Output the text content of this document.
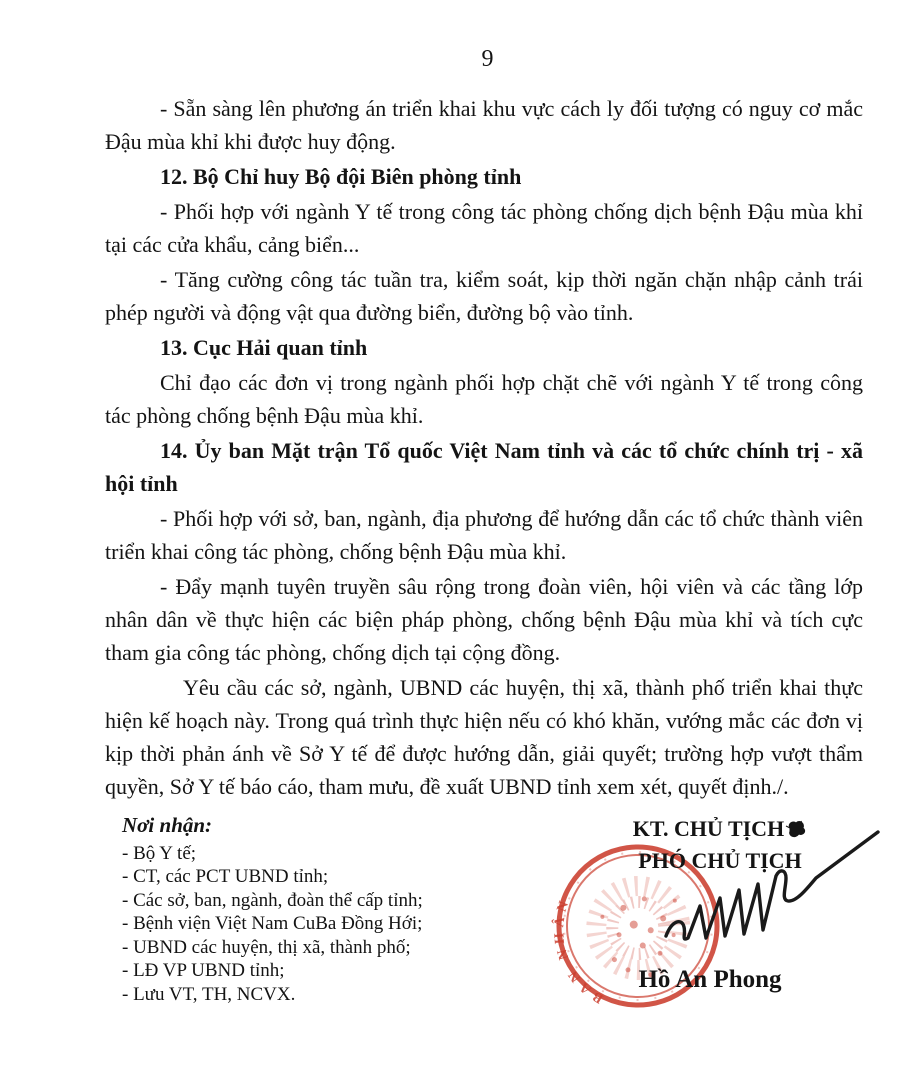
9

- Sẵn sàng lên phương án triển khai khu vực cách ly đối tượng có nguy cơ mắc Đậu mùa khỉ khi được huy động.

12. Bộ Chỉ huy Bộ đội Biên phòng tỉnh

- Phối hợp với ngành Y tế trong công tác phòng chống dịch bệnh Đậu mùa khỉ tại các cửa khẩu, cảng biển...

- Tăng cường công tác tuần tra, kiểm soát, kịp thời ngăn chặn nhập cảnh trái phép người và động vật qua đường biển, đường bộ vào tỉnh.

13. Cục Hải quan tỉnh

Chỉ đạo các đơn vị trong ngành phối hợp chặt chẽ với ngành Y tế trong công tác phòng chống bệnh Đậu mùa khỉ.

14. Ủy ban Mặt trận Tổ quốc Việt Nam tỉnh và các tổ chức chính trị - xã hội tỉnh

- Phối hợp với sở, ban, ngành, địa phương để hướng dẫn các tổ chức thành viên triển khai công tác phòng, chống bệnh Đậu mùa khỉ.

- Đẩy mạnh tuyên truyền sâu rộng trong đoàn viên, hội viên và các tầng lớp nhân dân về thực hiện các biện pháp phòng, chống bệnh Đậu mùa khỉ và tích cực tham gia công tác phòng, chống dịch tại cộng đồng.

Yêu cầu các sở, ngành, UBND các huyện, thị xã, thành phố triển khai thực hiện kế hoạch này. Trong quá trình thực hiện nếu có khó khăn, vướng mắc các đơn vị kịp thời phản ánh về Sở Y tế để được hướng dẫn, giải quyết; trường hợp vượt thẩm quyền, Sở Y tế báo cáo, tham mưu, đề xuất UBND tỉnh xem xét, quyết định./.

Nơi nhận:
- Bộ Y tế;
- CT, các PCT UBND tỉnh;
- Các sở, ban, ngành, đoàn thể cấp tỉnh;
- Bệnh viện Việt Nam CuBa Đồng Hới;
- UBND các huyện, thị xã, thành phố;
- LĐ VP UBND tỉnh;
- Lưu VT, TH, NCVX.	BAN NHÂN
KT. CHỦ TỊCH
PHÓ CHỦ TỊCH
Hồ An Phong
